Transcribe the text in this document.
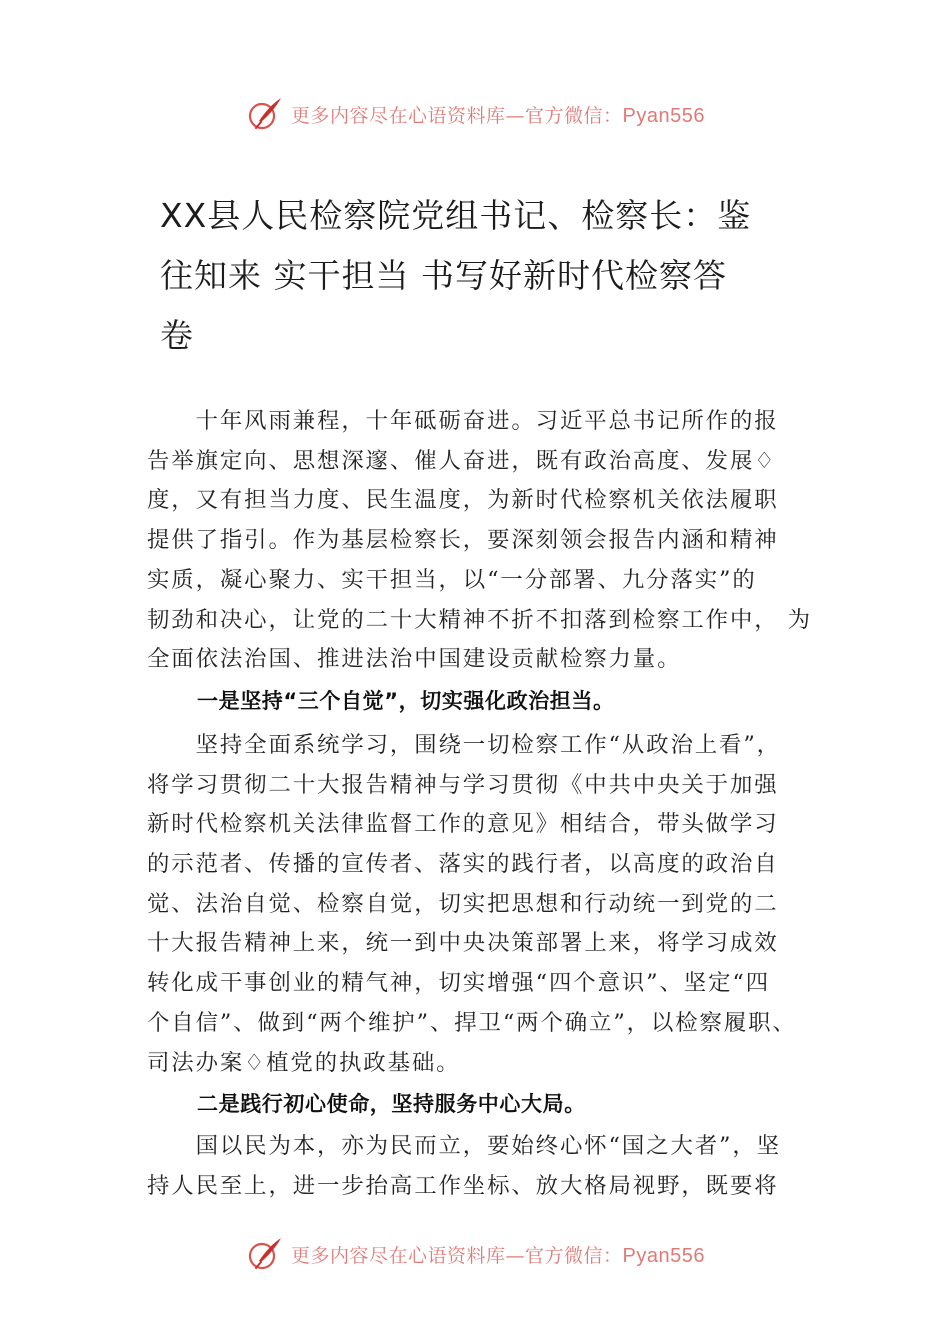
更多内容尽在心语资料库—官方微信：Pyan556
XX县人民检察院党组书记、检察长：鉴
往知来 实干担当 书写好新时代检察答
卷

　　十年风雨兼程，十年砥砺奋进。习近平总书记所作的报
告举旗定向、思想深邃、催人奋进，既有政治高度、发展♢
度，又有担当力度、民生温度，为新时代检察机关依法履职
提供了指引。作为基层检察长，要深刻领会报告内涵和精神
实质，凝心聚力、实干担当，以“一分部署、九分落实”的
韧劲和决心，让党的二十大精神不折不扣落到检察工作中， 为
全面依法治国、推进法治中国建设贡献检察力量。

一是坚持“三个自觉”，切实强化政治担当。

　　坚持全面系统学习，围绕一切检察工作“从政治上看”，
将学习贯彻二十大报告精神与学习贯彻《中共中央关于加强
新时代检察机关法律监督工作的意见》相结合，带头做学习
的示范者、传播的宣传者、落实的践行者，以高度的政治自
觉、法治自觉、检察自觉，切实把思想和行动统一到党的二
十大报告精神上来，统一到中央决策部署上来，将学习成效
转化成干事创业的精气神，切实增强“四个意识”、坚定“四
个自信”、做到“两个维护”、捍卫“两个确立”，以检察履职、
司法办案♢植党的执政基础。

二是践行初心使命，坚持服务中心大局。

　　国以民为本，亦为民而立，要始终心怀“国之大者”，坚
持人民至上，进一步抬高工作坐标、放大格局视野，既要将

更多内容尽在心语资料库—官方微信：Pyan556
